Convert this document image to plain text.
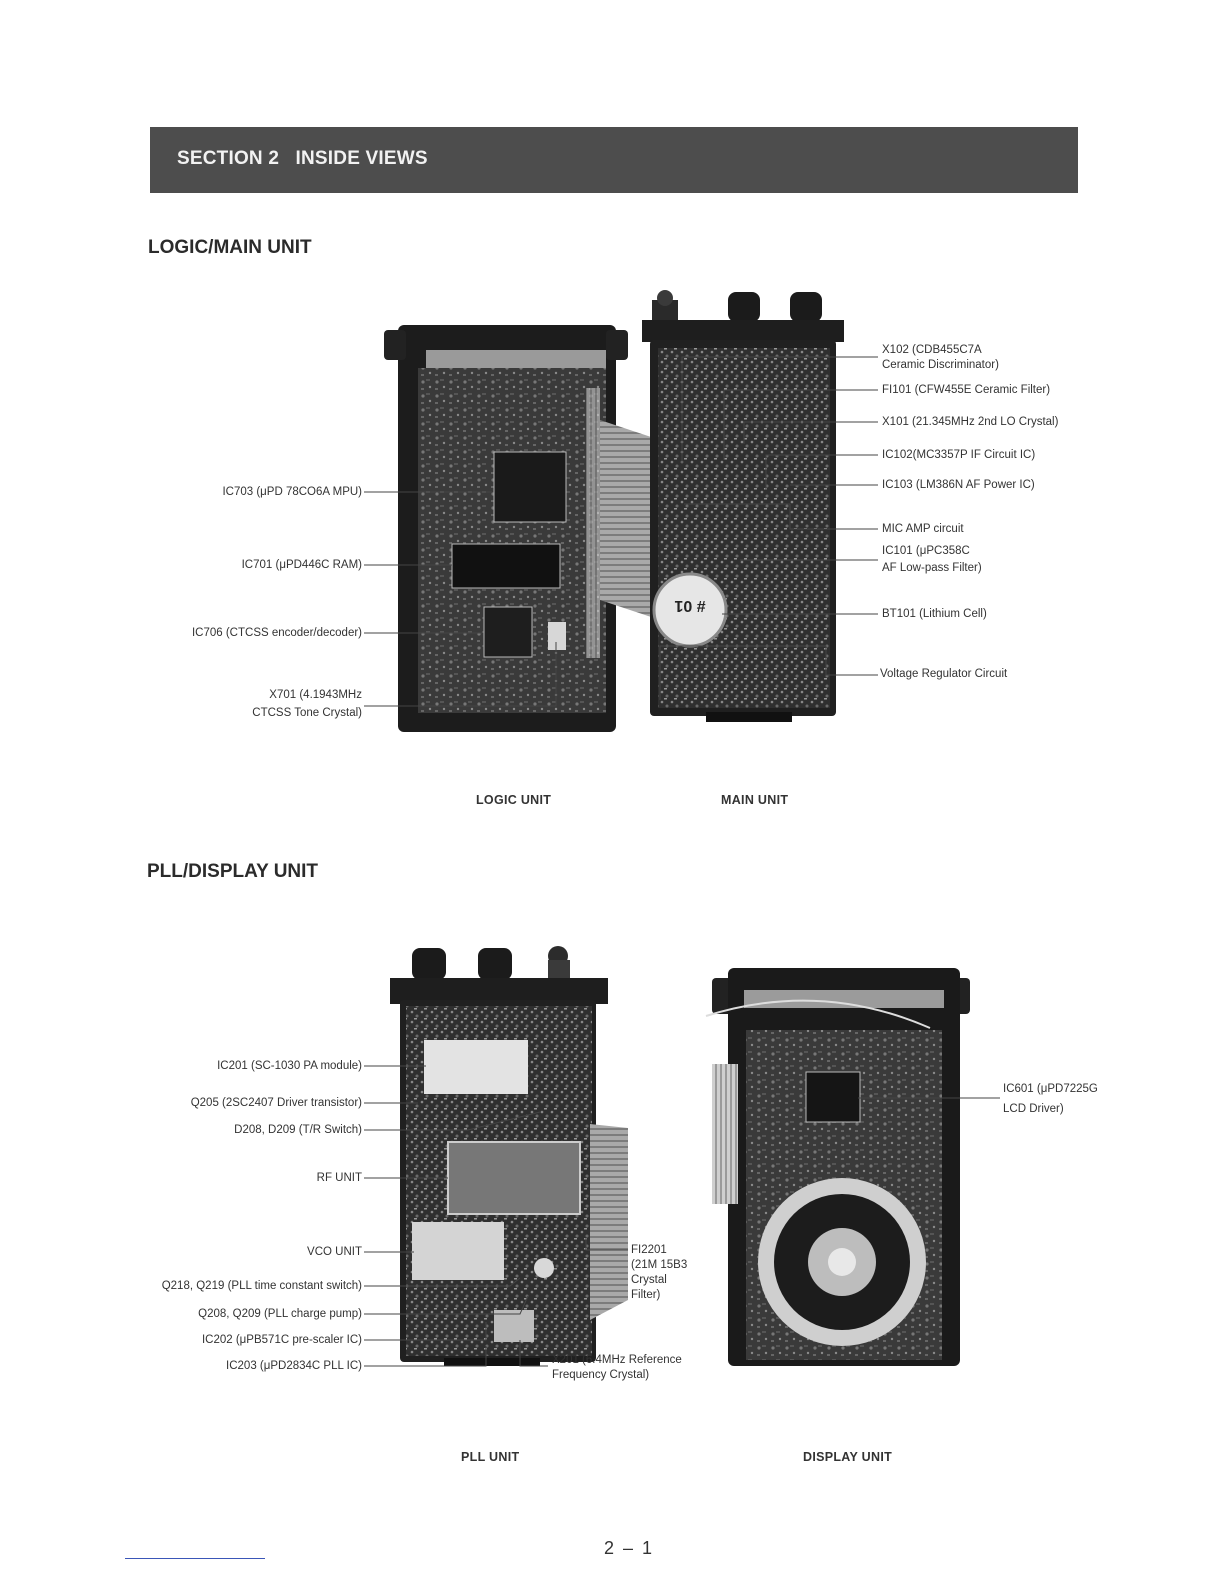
SECTION 2   INSIDE VIEWS
LOGIC/MAIN UNIT
PLL/DISPLAY UNIT
# 01
IC703 (μPD 78CO6A MPU)
IC701 (μPD446C RAM)
IC706 (CTCSS encoder/decoder)
X701 (4.1943MHz
CTCSS Tone Crystal)
X102 (CDB455C7A
Ceramic Discriminator)
FI101 (CFW455E Ceramic Filter)
X101 (21.345MHz 2nd LO Crystal)
IC102(MC3357P IF Circuit IC)
IC103 (LM386N AF Power IC)
MIC AMP circuit
IC101 (μPC358C
AF Low-pass Filter)
BT101 (Lithium Cell)
Voltage Regulator Circuit
LOGIC UNIT	MAIN UNIT
IC201 (SC-1030 PA module)
Q205 (2SC2407 Driver transistor)
D208, D209 (T/R Switch)
RF UNIT
VCO UNIT
Q218, Q219 (PLL time constant switch)
Q208, Q209 (PLL charge pump)
IC202 (μPB571C pre-scaler IC)
IC203 (μPD2834C PLL IC)
FI2201
(21M 15B3
Crystal
Filter)
X201 (6.4MHz Reference
Frequency Crystal)
IC601 (μPD7225G
LCD Driver)
PLL UNIT	DISPLAY UNIT
2 – 1
